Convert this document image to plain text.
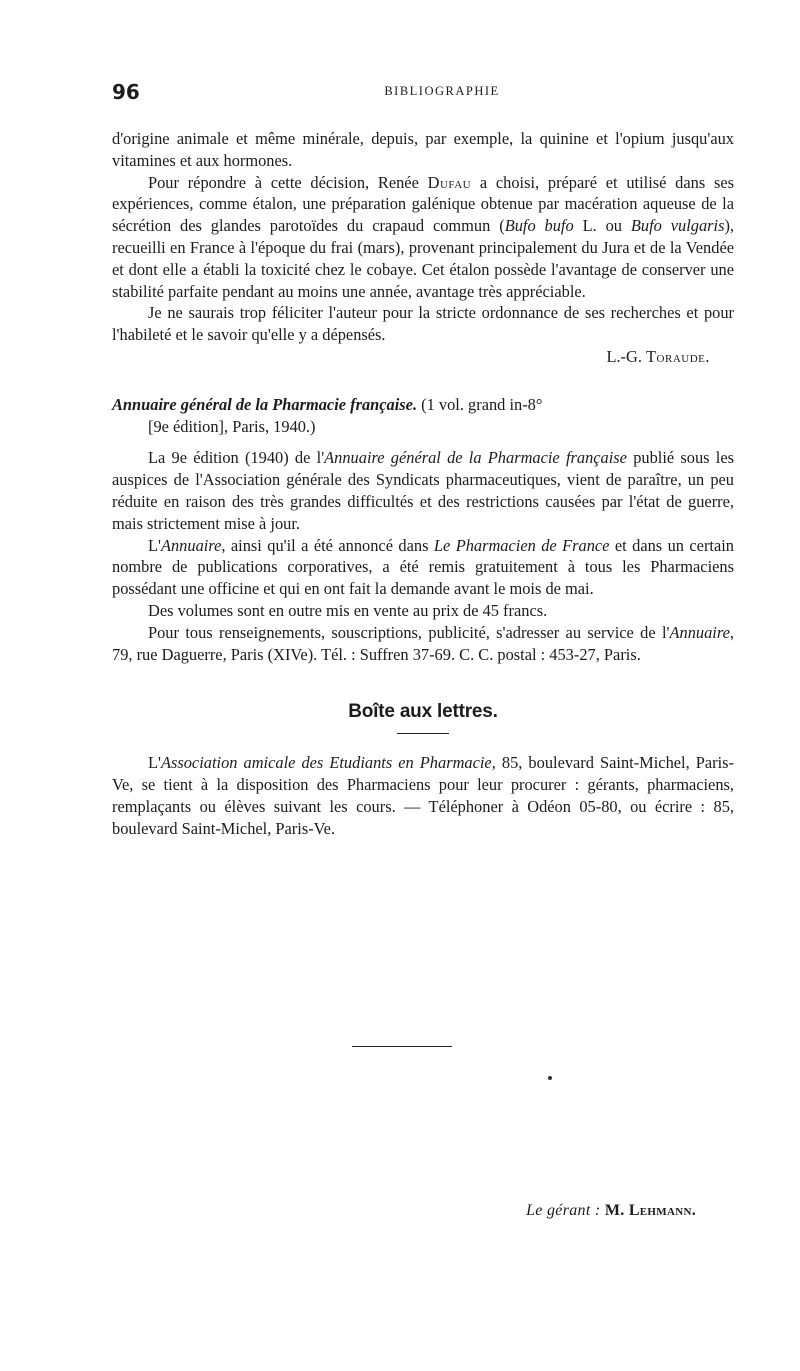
96	BIBLIOGRAPHIE

d'origine animale et même minérale, depuis, par exemple, la quinine et l'opium jusqu'aux vitamines et aux hormones.

Pour répondre à cette décision, Renée Dufau a choisi, préparé et utilisé dans ses expériences, comme étalon, une préparation galénique obtenue par macération aqueuse de la sécrétion des glandes parotoïdes du crapaud commun (Bufo bufo L. ou Bufo vulgaris), recueilli en France à l'époque du frai (mars), provenant principalement du Jura et de la Vendée et dont elle a établi la toxicité chez le cobaye. Cet étalon possède l'avantage de conserver une stabilité parfaite pendant au moins une année, avantage très appréciable.

Je ne saurais trop féliciter l'auteur pour la stricte ordonnance de ses recherches et pour l'habileté et le savoir qu'elle y a dépensés.

L.-G. Toraude.

Annuaire général de la Pharmacie française. (1 vol. grand in-8°

[9e édition], Paris, 1940.)

La 9e édition (1940) de l'Annuaire général de la Pharmacie française publié sous les auspices de l'Association générale des Syndicats pharmaceutiques, vient de paraître, un peu réduite en raison des très grandes difficultés et des restrictions causées par l'état de guerre, mais strictement mise à jour.

L'Annuaire, ainsi qu'il a été annoncé dans Le Pharmacien de France et dans un certain nombre de publications corporatives, a été remis gratuitement à tous les Pharmaciens possédant une officine et qui en ont fait la demande avant le mois de mai.

Des volumes sont en outre mis en vente au prix de 45 francs.

Pour tous renseignements, souscriptions, publicité, s'adresser au service de l'Annuaire, 79, rue Daguerre, Paris (XIVe). Tél. : Suffren 37-69. C. C. postal : 453-27, Paris.

Boîte aux lettres.

L'Association amicale des Etudiants en Pharmacie, 85, boulevard Saint-Michel, Paris-Ve, se tient à la disposition des Pharmaciens pour leur procurer : gérants, pharmaciens, remplaçants ou élèves suivant les cours. — Téléphoner à Odéon 05-80, ou écrire : 85, boulevard Saint-Michel, Paris-Ve.

Le gérant : M. Lehmann.
